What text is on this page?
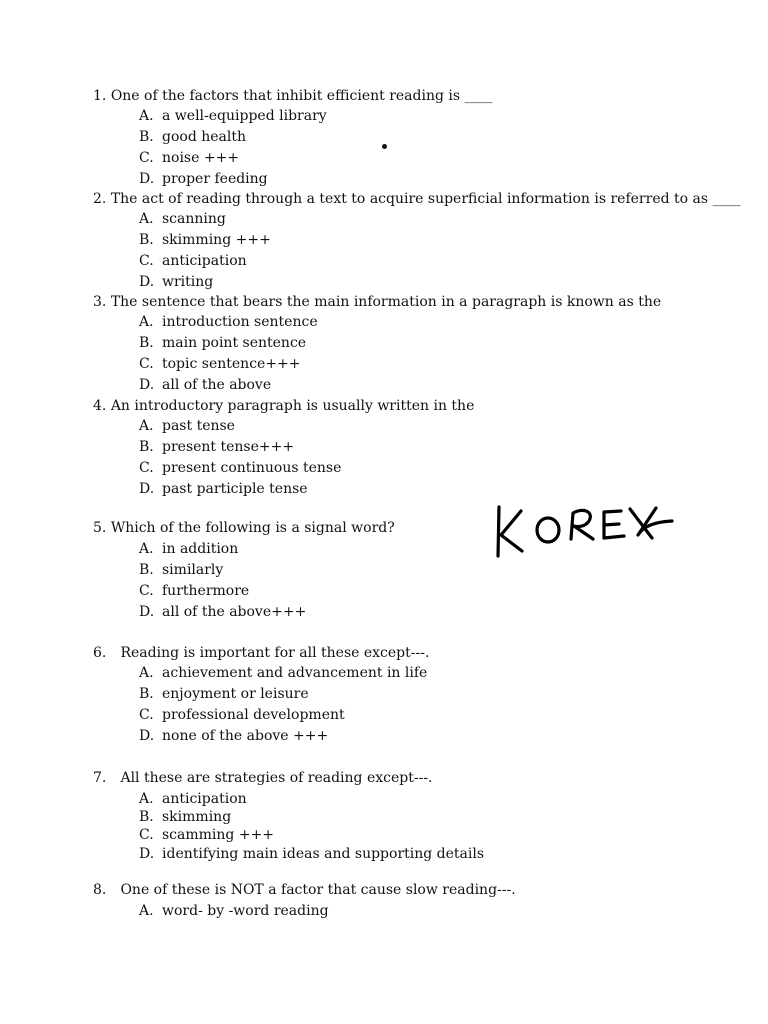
1. One of the factors that inhibit efficient reading is ____
A. a well-equipped library
B. good health
C. noise +++
D. proper feeding
2. The act of reading through a text to acquire superficial information is referred to as ____
A. scanning
B. skimming +++
C. anticipation
D. writing
3. The sentence that bears the main information in a paragraph is known as the
A. introduction sentence
B. main point sentence
C. topic sentence+++
D. all of the above
4. An introductory paragraph is usually written in the
A. past tense
B. present tense+++
C. present continuous tense
D. past participle tense
5. Which of the following is a signal word?
A. in addition
B. similarly
C. furthermore
D. all of the above+++
6. Reading is important for all these except---.
A. achievement and advancement in life
B. enjoyment or leisure
C. professional development
D. none of the above +++
7. All these are strategies of reading except---.
A. anticipation
B. skimming
C. scamming +++
D. identifying main ideas and supporting details
8. One of these is NOT a factor that cause slow reading---.
A. word- by -word reading
